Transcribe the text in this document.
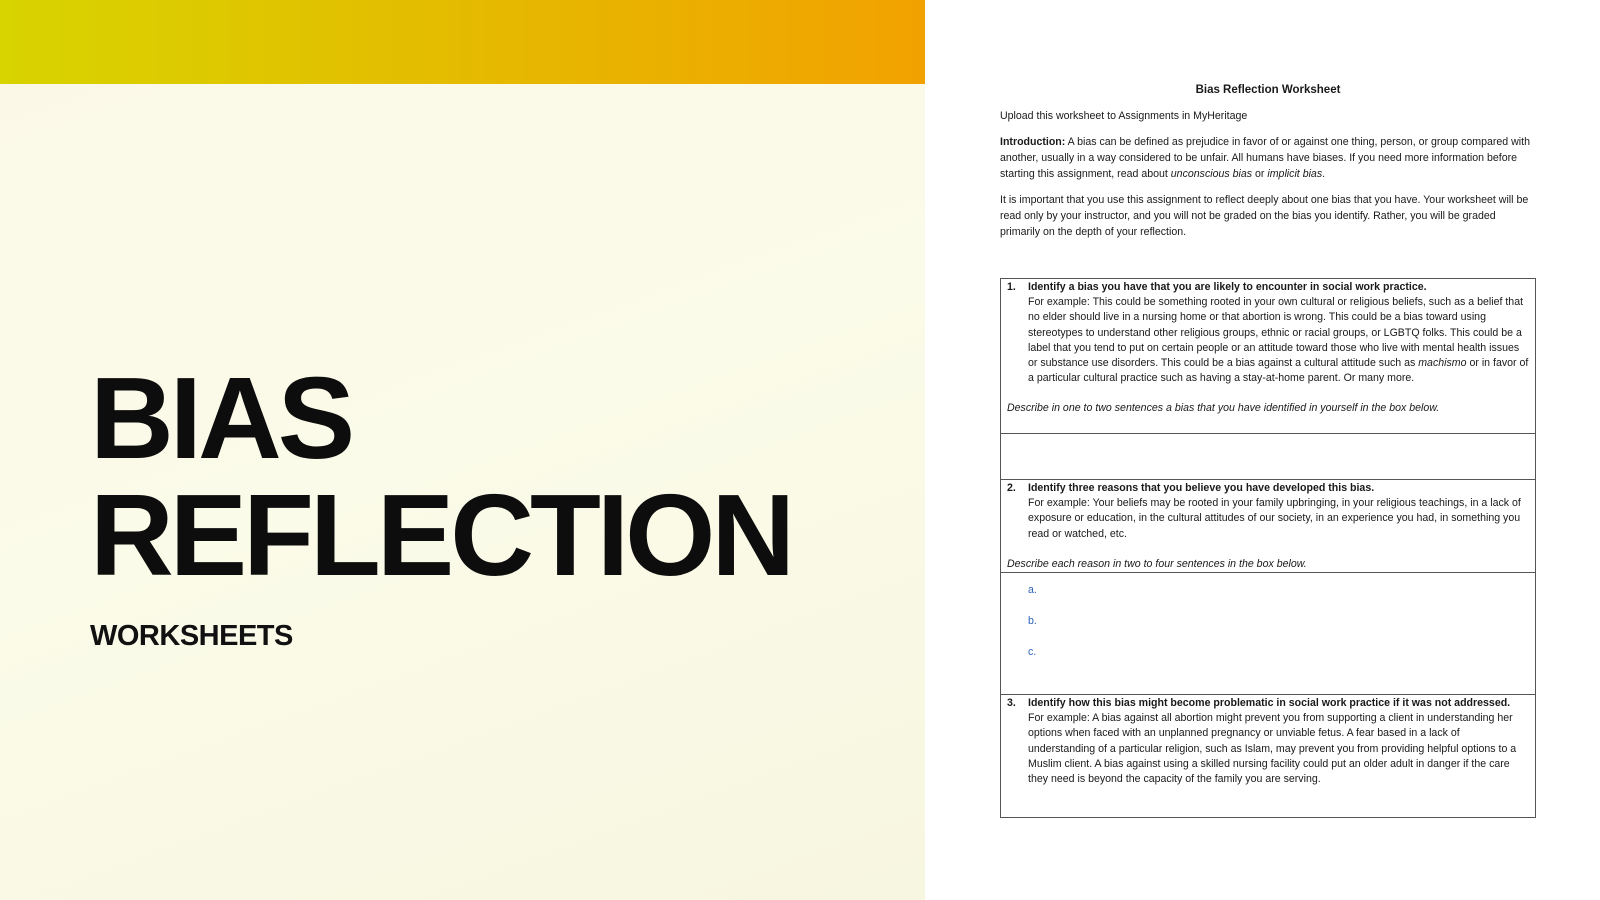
BIAS
REFLECTION
WORKSHEETS
Bias Reflection Worksheet

Upload this worksheet to Assignments in MyHeritage

Introduction: A bias can be defined as prejudice in favor of or against one thing, person, or group compared with another, usually in a way considered to be unfair. All humans have biases. If you need more information before starting this assignment, read about unconscious bias or implicit bias.

It is important that you use this assignment to reflect deeply about one bias that you have. Your worksheet will be read only by your instructor, and you will not be graded on the bias you identify. Rather, you will be graded primarily on the depth of your reflection.

1.	Identify a bias you have that you are likely to encounter in social work practice.
For example: This could be something rooted in your own cultural or religious beliefs, such as a belief that no elder should live in a nursing home or that abortion is wrong. This could be a bias toward using stereotypes to understand other religious groups, ethnic or racial groups, or LGBTQ folks. This could be a label that you tend to put on certain people or an attitude toward those who live with mental health issues or substance use disorders. This could be a bias against a cultural attitude such as machismo or in favor of a particular cultural practice such as having a stay-at-home parent. Or many more.
Describe in one to two sentences a bias that you have identified in yourself in the box below.
2.	Identify three reasons that you believe you have developed this bias.
For example: Your beliefs may be rooted in your family upbringing, in your religious teachings, in a lack of exposure or education, in the cultural attitudes of our society, in an experience you had, in something you read or watched, etc.
Describe each reason in two to four sentences in the box below.
a.
b.
c.
3.	Identify how this bias might become problematic in social work practice if it was not addressed.
For example: A bias against all abortion might prevent you from supporting a client in understanding her options when faced with an unplanned pregnancy or unviable fetus. A fear based in a lack of understanding of a particular religion, such as Islam, may prevent you from providing helpful options to a Muslim client. A bias against using a skilled nursing facility could put an older adult in danger if the care they need is beyond the capacity of the family you are serving.
